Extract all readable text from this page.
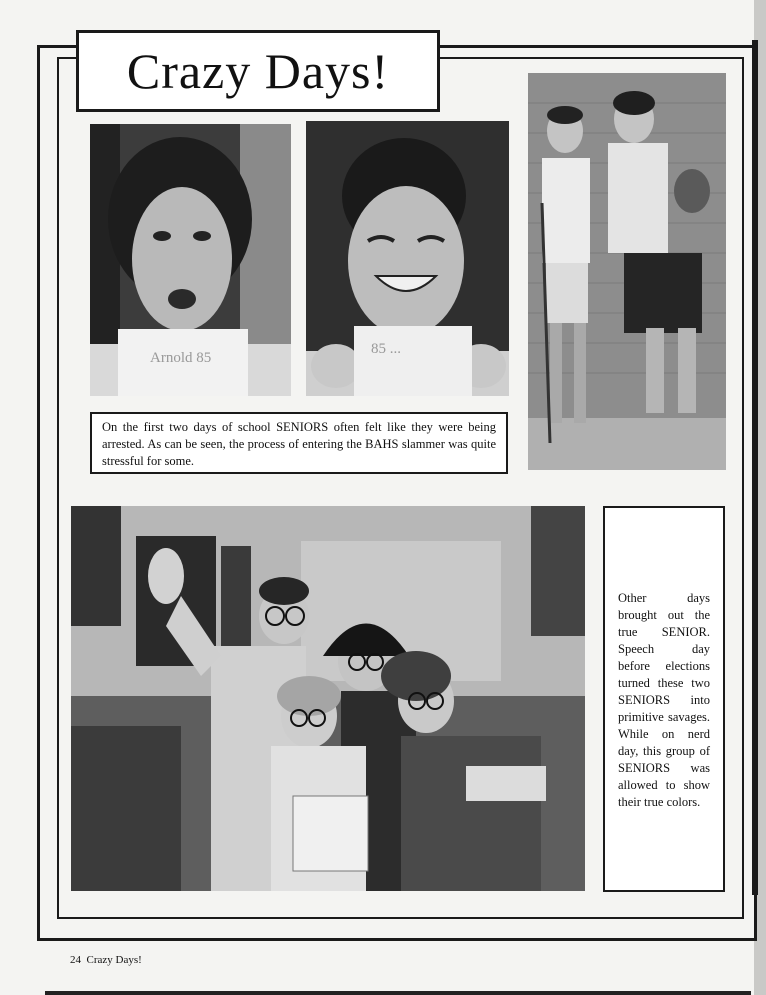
Crazy Days!
Arnold 85
85 ...
On the first two days of school SENIORS often felt like they were being arrested. As can be seen, the process of entering the BAHS slammer was quite stressful for some.
Other days brought out the true SENIOR. Speech day before elections turned these two SENIORS into primitive savages. While on nerd day, this group of SENIORS was allowed to show their true colors.
24 Crazy Days!
